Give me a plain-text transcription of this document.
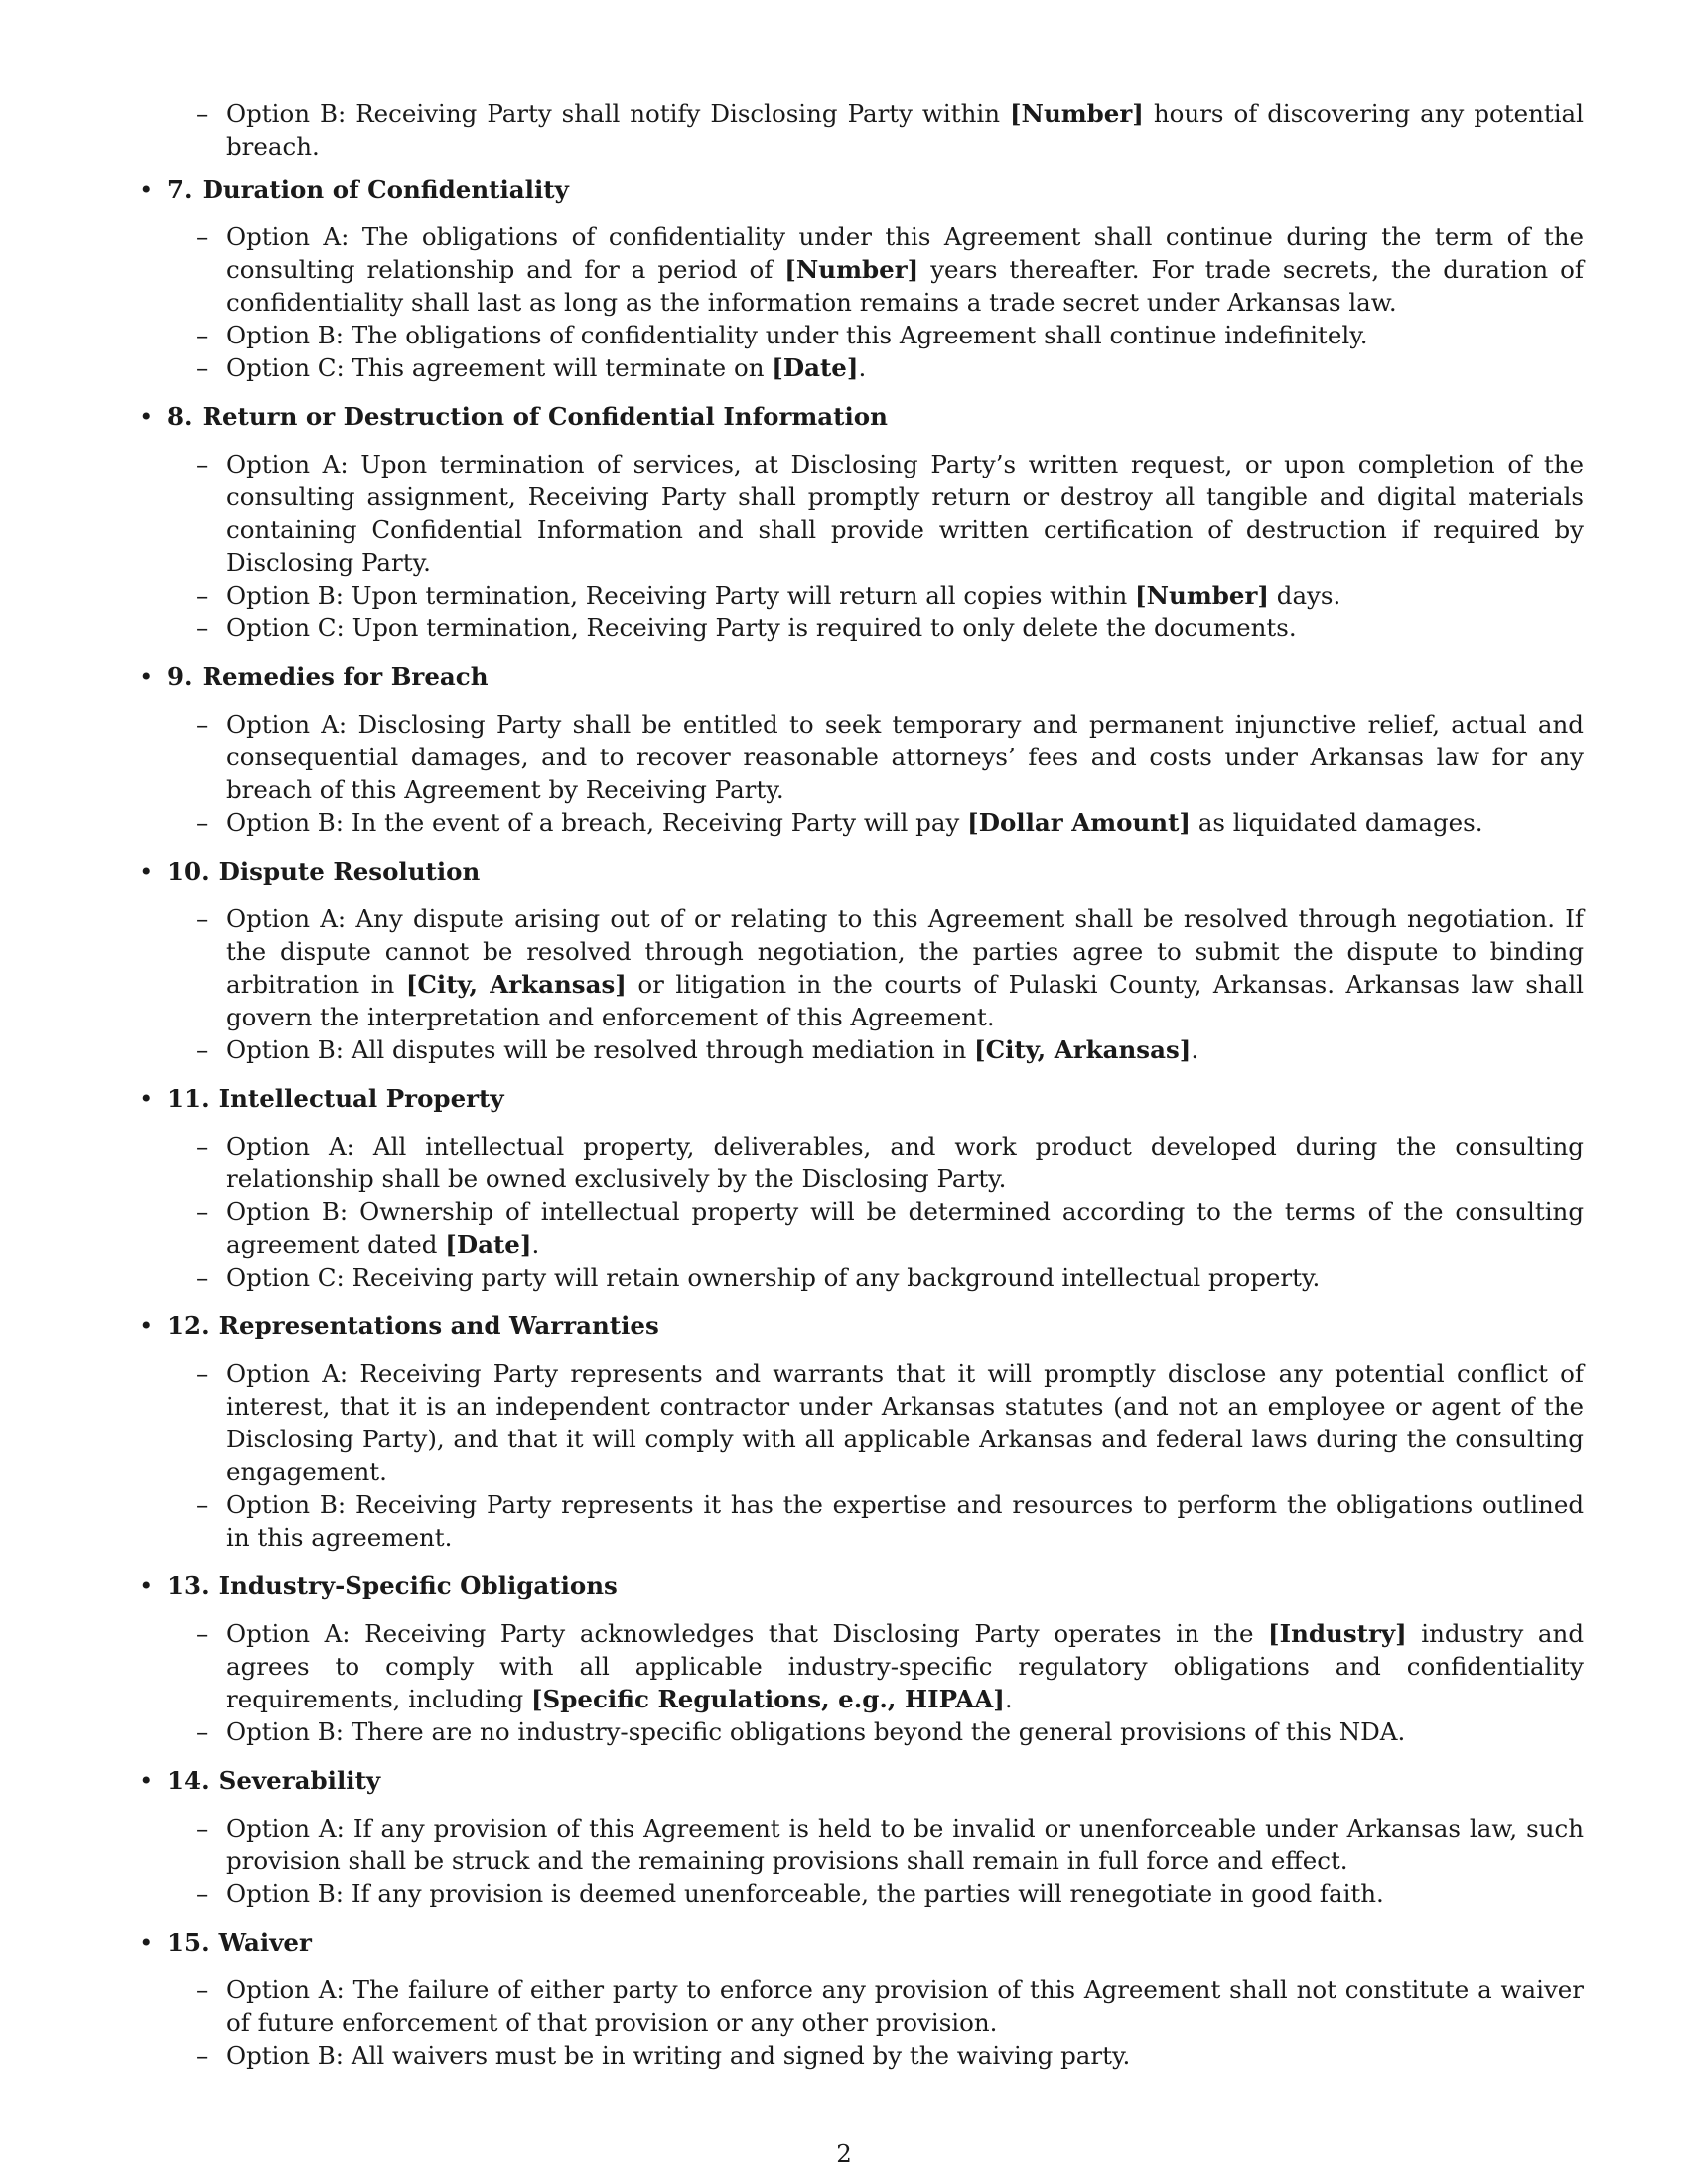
– Option B: Receiving Party shall notify Disclosing Party within [Number] hours of discovering any potential breach.

• 7. Duration of Confidentiality

– Option A: The obligations of confidentiality under this Agreement shall continue during the term of the consulting relationship and for a period of [Number] years thereafter. For trade secrets, the duration of confidentiality shall last as long as the information remains a trade secret under Arkansas law.

– Option B: The obligations of confidentiality under this Agreement shall continue indefinitely.

– Option C: This agreement will terminate on [Date].

• 8. Return or Destruction of Confidential Information

– Option A: Upon termination of services, at Disclosing Party’s written request, or upon completion of the consulting assignment, Receiving Party shall promptly return or destroy all tangible and digital materials containing Confidential Information and shall provide written certification of destruction if required by Disclosing Party.

– Option B: Upon termination, Receiving Party will return all copies within [Number] days.

– Option C: Upon termination, Receiving Party is required to only delete the documents.

• 9. Remedies for Breach

– Option A: Disclosing Party shall be entitled to seek temporary and permanent injunctive relief, actual and consequential damages, and to recover reasonable attorneys’ fees and costs under Arkansas law for any breach of this Agreement by Receiving Party.

– Option B: In the event of a breach, Receiving Party will pay [Dollar Amount] as liquidated damages.

• 10. Dispute Resolution

– Option A: Any dispute arising out of or relating to this Agreement shall be resolved through negotiation. If the dispute cannot be resolved through negotiation, the parties agree to submit the dispute to binding arbitration in [City, Arkansas] or litigation in the courts of Pulaski County, Arkansas. Arkansas law shall govern the interpretation and enforcement of this Agreement.

– Option B: All disputes will be resolved through mediation in [City, Arkansas].

• 11. Intellectual Property

– Option A: All intellectual property, deliverables, and work product developed during the consulting relationship shall be owned exclusively by the Disclosing Party.

– Option B: Ownership of intellectual property will be determined according to the terms of the consulting agreement dated [Date].

– Option C: Receiving party will retain ownership of any background intellectual property.

• 12. Representations and Warranties

– Option A: Receiving Party represents and warrants that it will promptly disclose any potential conflict of interest, that it is an independent contractor under Arkansas statutes (and not an employee or agent of the Disclosing Party), and that it will comply with all applicable Arkansas and federal laws during the consulting engagement.

– Option B: Receiving Party represents it has the expertise and resources to perform the obligations outlined in this agreement.

• 13. Industry-Specific Obligations

– Option A: Receiving Party acknowledges that Disclosing Party operates in the [Industry] industry and agrees to comply with all applicable industry-specific regulatory obligations and confidentiality requirements, including [Specific Regulations, e.g., HIPAA].

– Option B: There are no industry-specific obligations beyond the general provisions of this NDA.

• 14. Severability

– Option A: If any provision of this Agreement is held to be invalid or unenforceable under Arkansas law, such provision shall be struck and the remaining provisions shall remain in full force and effect.

– Option B: If any provision is deemed unenforceable, the parties will renegotiate in good faith.

• 15. Waiver

– Option A: The failure of either party to enforce any provision of this Agreement shall not constitute a waiver of future enforcement of that provision or any other provision.

– Option B: All waivers must be in writing and signed by the waiving party.

2
